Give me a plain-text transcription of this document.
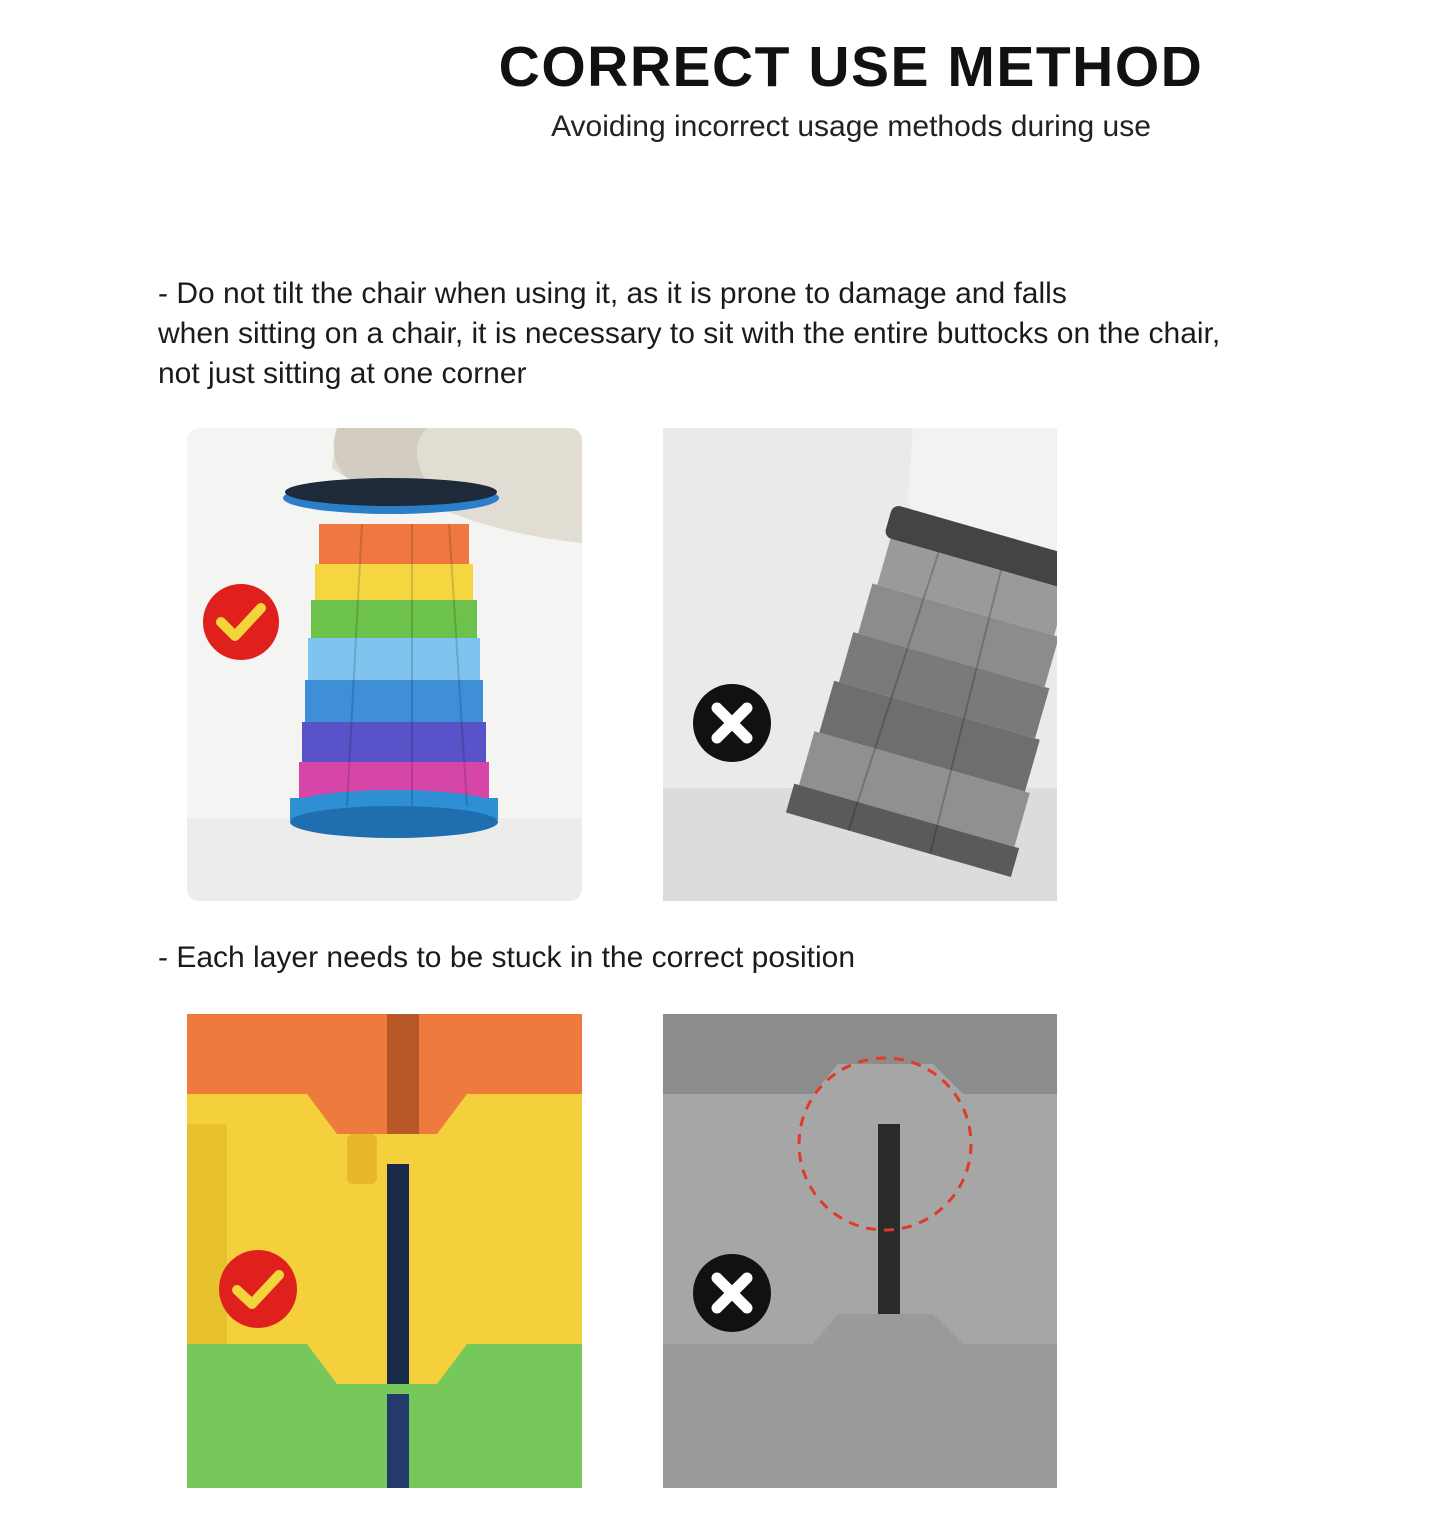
CORRECT USE METHOD

Avoiding incorrect usage methods during use

- Do not tilt the chair when using it, as it is prone to damage and falls
when sitting on a chair, it is necessary to sit with the entire buttocks on the chair,
not just sitting at one corner
- Each layer needs to be stuck in the correct position
